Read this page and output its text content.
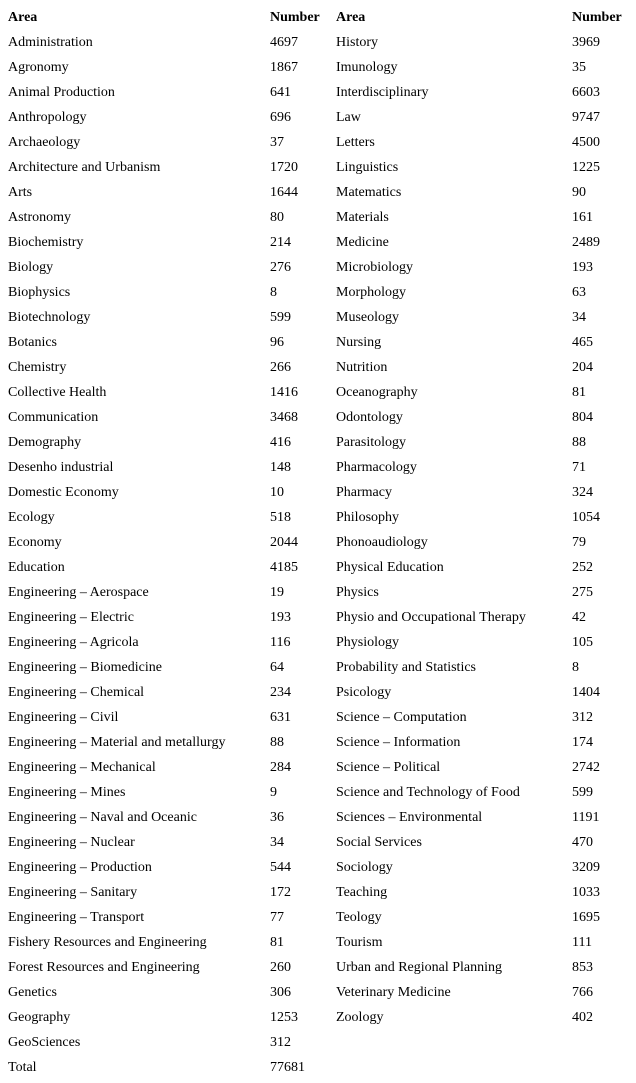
Area	Number
Administration	4697
Agronomy	1867
Animal Production	641
Anthropology	696
Archaeology	37
Architecture and Urbanism	1720
Arts	1644
Astronomy	80
Biochemistry	214
Biology	276
Biophysics	8
Biotechnology	599
Botanics	96
Chemistry	266
Collective Health	1416
Communication	3468
Demography	416
Desenho industrial	148
Domestic Economy	10
Ecology	518
Economy	2044
Education	4185
Engineering – Aerospace	19
Engineering – Electric	193
Engineering – Agricola	116
Engineering – Biomedicine	64
Engineering – Chemical	234
Engineering – Civil	631
Engineering – Material and metallurgy	88
Engineering – Mechanical	284
Engineering – Mines	9
Engineering – Naval and Oceanic	36
Engineering – Nuclear	34
Engineering – Production	544
Engineering – Sanitary	172
Engineering – Transport	77
Fishery Resources and Engineering	81
Forest Resources and Engineering	260
Genetics	306
Geography	1253
GeoSciences	312
Total	77681
Area	Number
History	3969
Imunology	35
Interdisciplinary	6603
Law	9747
Letters	4500
Linguistics	1225
Matematics	90
Materials	161
Medicine	2489
Microbiology	193
Morphology	63
Museology	34
Nursing	465
Nutrition	204
Oceanography	81
Odontology	804
Parasitology	88
Pharmacology	71
Pharmacy	324
Philosophy	1054
Phonoaudiology	79
Physical Education	252
Physics	275
Physio and Occupational Therapy	42
Physiology	105
Probability and Statistics	8
Psicology	1404
Science – Computation	312
Science – Information	174
Science – Political	2742
Science and Technology of Food	599
Sciences – Environmental	1191
Social Services	470
Sociology	3209
Teaching	1033
Teology	1695
Tourism	111
Urban and Regional Planning	853
Veterinary Medicine	766
Zoology	402
